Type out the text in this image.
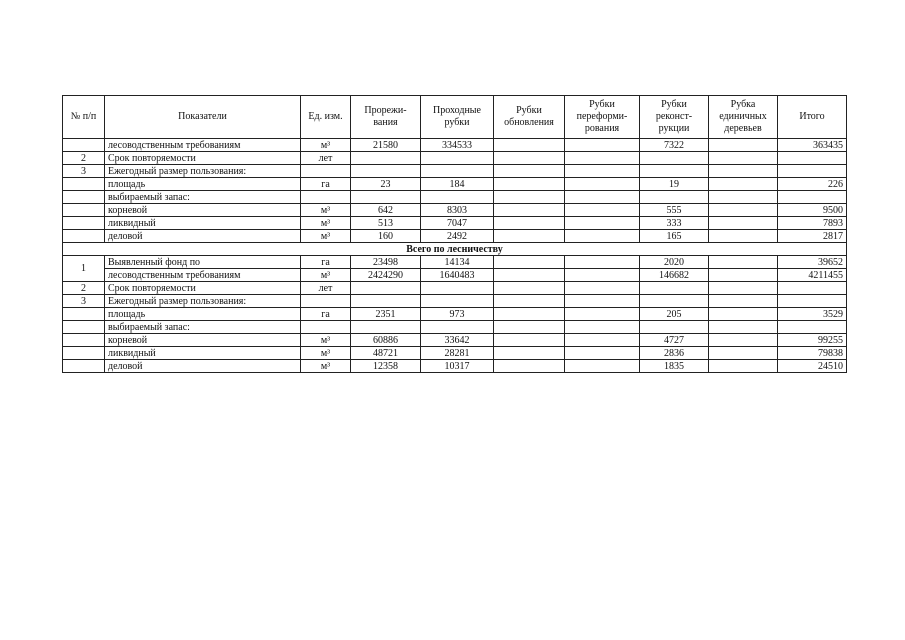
№ п/п	Показатели	Ед. изм.	Прорежи-вания	Проходные рубки	Рубки обновления	Рубки переформи-рования	Рубки реконст-рукции	Рубка единичных деревьев	Итого
	лесоводственным требованиям	м³	21580	334533			7322		363435
2	Срок повторяемости	лет							
3	Ежегодный размер пользования:								
	площадь	га	23	184			19		226
	выбираемый запас:								
	корневой	м³	642	8303			555		9500
	ликвидный	м³	513	7047			333		7893
	деловой	м³	160	2492			165		2817
Всего по лесничеству									
1	Выявленный фонд по	га	23498	14134			2020		39652
	лесоводственным требованиям	м³	2424290	1640483			146682		4211455
2	Срок повторяемости	лет							
3	Ежегодный размер пользования:								
	площадь	га	2351	973			205		3529
	выбираемый запас:								
	корневой	м³	60886	33642			4727		99255
	ликвидный	м³	48721	28281			2836		79838
	деловой	м³	12358	10317			1835		24510
